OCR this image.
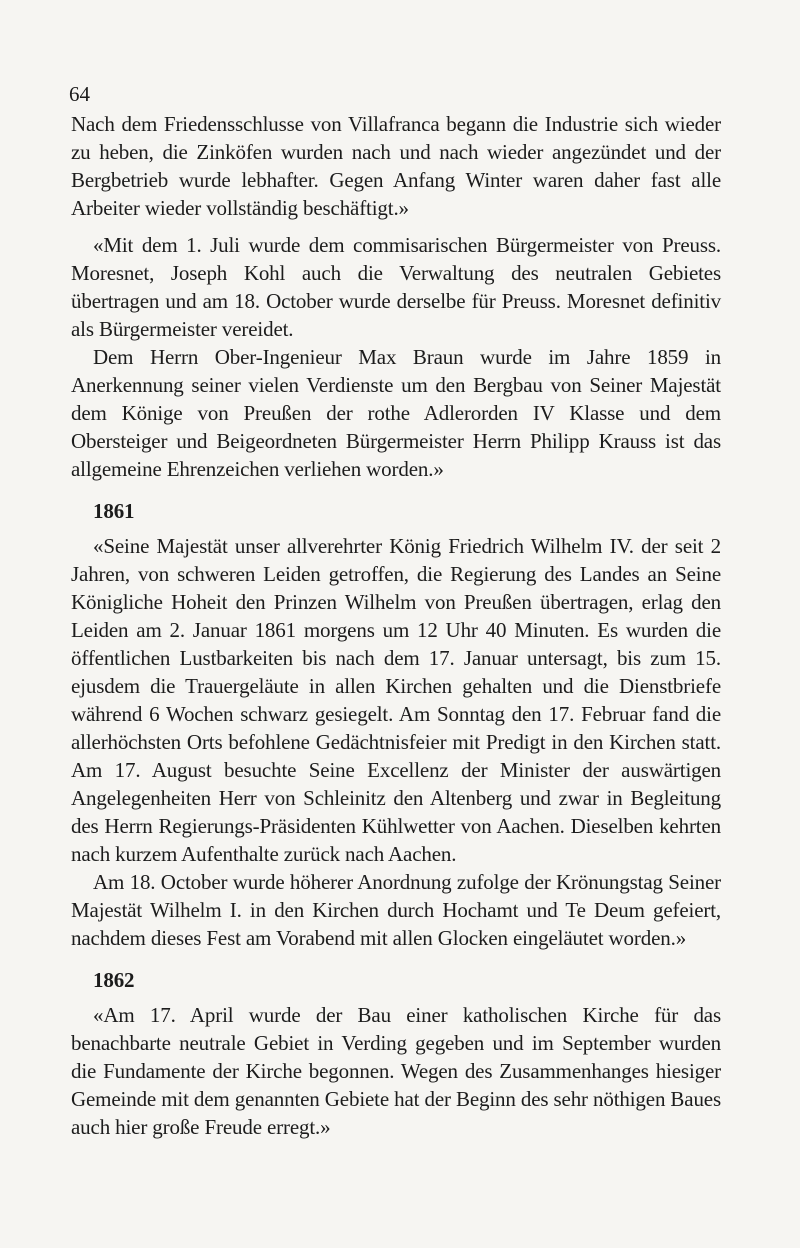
64

Nach dem Friedensschlusse von Villafranca begann die Industrie sich wieder zu heben, die Zinköfen wurden nach und nach wieder angezündet und der Bergbetrieb wurde lebhafter. Gegen Anfang Winter waren daher fast alle Arbeiter wieder vollständig beschäftigt.»

«Mit dem 1. Juli wurde dem commisarischen Bürgermeister von Preuss. Moresnet, Joseph Kohl auch die Verwaltung des neutralen Gebietes übertragen und am 18. October wurde derselbe für Preuss. Moresnet definitiv als Bürgermeister vereidet.

Dem Herrn Ober-Ingenieur Max Braun wurde im Jahre 1859 in Anerkennung seiner vielen Verdienste um den Bergbau von Seiner Majestät dem Könige von Preußen der rothe Adlerorden IV Klasse und dem Obersteiger und Beigeordneten Bürgermeister Herrn Philipp Krauss ist das allgemeine Ehrenzeichen verliehen worden.»

1861

«Seine Majestät unser allverehrter König Friedrich Wilhelm IV. der seit 2 Jahren, von schweren Leiden getroffen, die Regierung des Landes an Seine Königliche Hoheit den Prinzen Wilhelm von Preußen übertragen, erlag den Leiden am 2. Januar 1861 morgens um 12 Uhr 40 Minuten. Es wurden die öffentlichen Lustbarkeiten bis nach dem 17. Januar untersagt, bis zum 15. ejusdem die Trauergeläute in allen Kirchen gehalten und die Dienstbriefe während 6 Wochen schwarz gesiegelt. Am Sonntag den 17. Februar fand die allerhöchsten Orts befohlene Gedächtnisfeier mit Predigt in den Kirchen statt. Am 17. August besuchte Seine Excellenz der Minister der auswärtigen Angelegenheiten Herr von Schleinitz den Altenberg und zwar in Begleitung des Herrn Regierungs-Präsidenten Kühlwetter von Aachen. Dieselben kehrten nach kurzem Aufenthalte zurück nach Aachen.

Am 18. October wurde höherer Anordnung zufolge der Krönungstag Seiner Majestät Wilhelm I. in den Kirchen durch Hochamt und Te Deum gefeiert, nachdem dieses Fest am Vorabend mit allen Glocken eingeläutet worden.»

1862

«Am 17. April wurde der Bau einer katholischen Kirche für das benachbarte neutrale Gebiet in Verding gegeben und im September wurden die Fundamente der Kirche begonnen. Wegen des Zusammenhanges hiesiger Gemeinde mit dem genannten Gebiete hat der Beginn des sehr nöthigen Baues auch hier große Freude erregt.»
